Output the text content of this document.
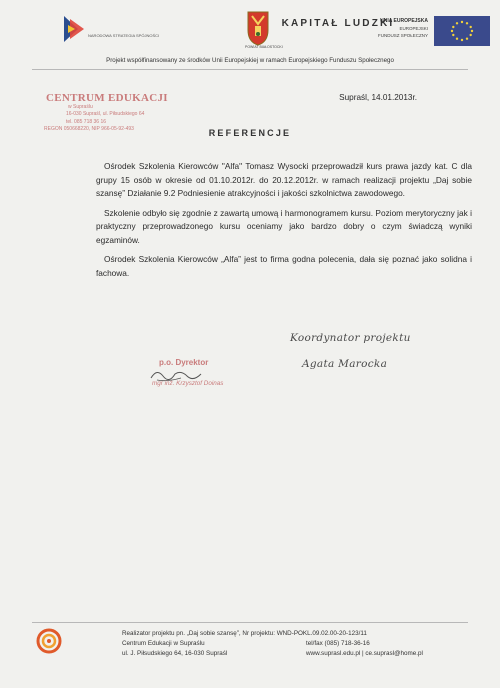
KAPITAŁ LUDZKI
NARODOWA STRATEGIA SPÓJNOŚCI
POWIAT BIAŁOSTOCKI
UNIA EUROPEJSKA
EUROPEJSKI
FUNDUSZ SPOŁECZNY
Projekt współfinansowany ze środków Unii Europejskiej w ramach Europejskiego Funduszu Społecznego
CENTRUM EDUKACJI
w Supraślu
16-030 Supraśl, ul. Piłsudskiego 64
tel. 085 718 36 16
REGON 050668220, NIP 966-05-92-493
Supraśl, 14.01.2013r.
REFERENCJE

Ośrodek Szkolenia Kierowców "Alfa" Tomasz Wysocki przeprowadził kurs prawa jazdy kat. C dla grupy 15 osób w okresie od 01.10.2012r. do 20.12.2012r. w ramach realizacji projektu „Daj sobie szansę” Działanie 9.2 Podniesienie atrakcyjności i jakości szkolnictwa zawodowego.

Szkolenie odbyło się zgodnie z zawartą umową i harmonogramem kursu. Poziom merytoryczny jak i praktyczny przeprowadzonego kursu oceniamy jako bardzo dobry o czym świadczą wyniki egzaminów.

Ośrodek Szkolenia Kierowców „Alfa” jest to firma godna polecenia, dała się poznać jako solidna i fachowa.

p.o. Dyrektor
mgr inż. Krzysztof Doinas
Koordynator projektu
Agata Marocka
Realizator projektu pn. „Daj sobie szansę”, Nr projektu: WND-POKL.09.02.00-20-123/11
Centrum Edukacji w Supraślu
ul. J. Piłsudskiego 64, 16-030 Supraśl
tel/fax (085) 718-36-16
www.suprasl.edu.pl | ce.suprasl@home.pl
